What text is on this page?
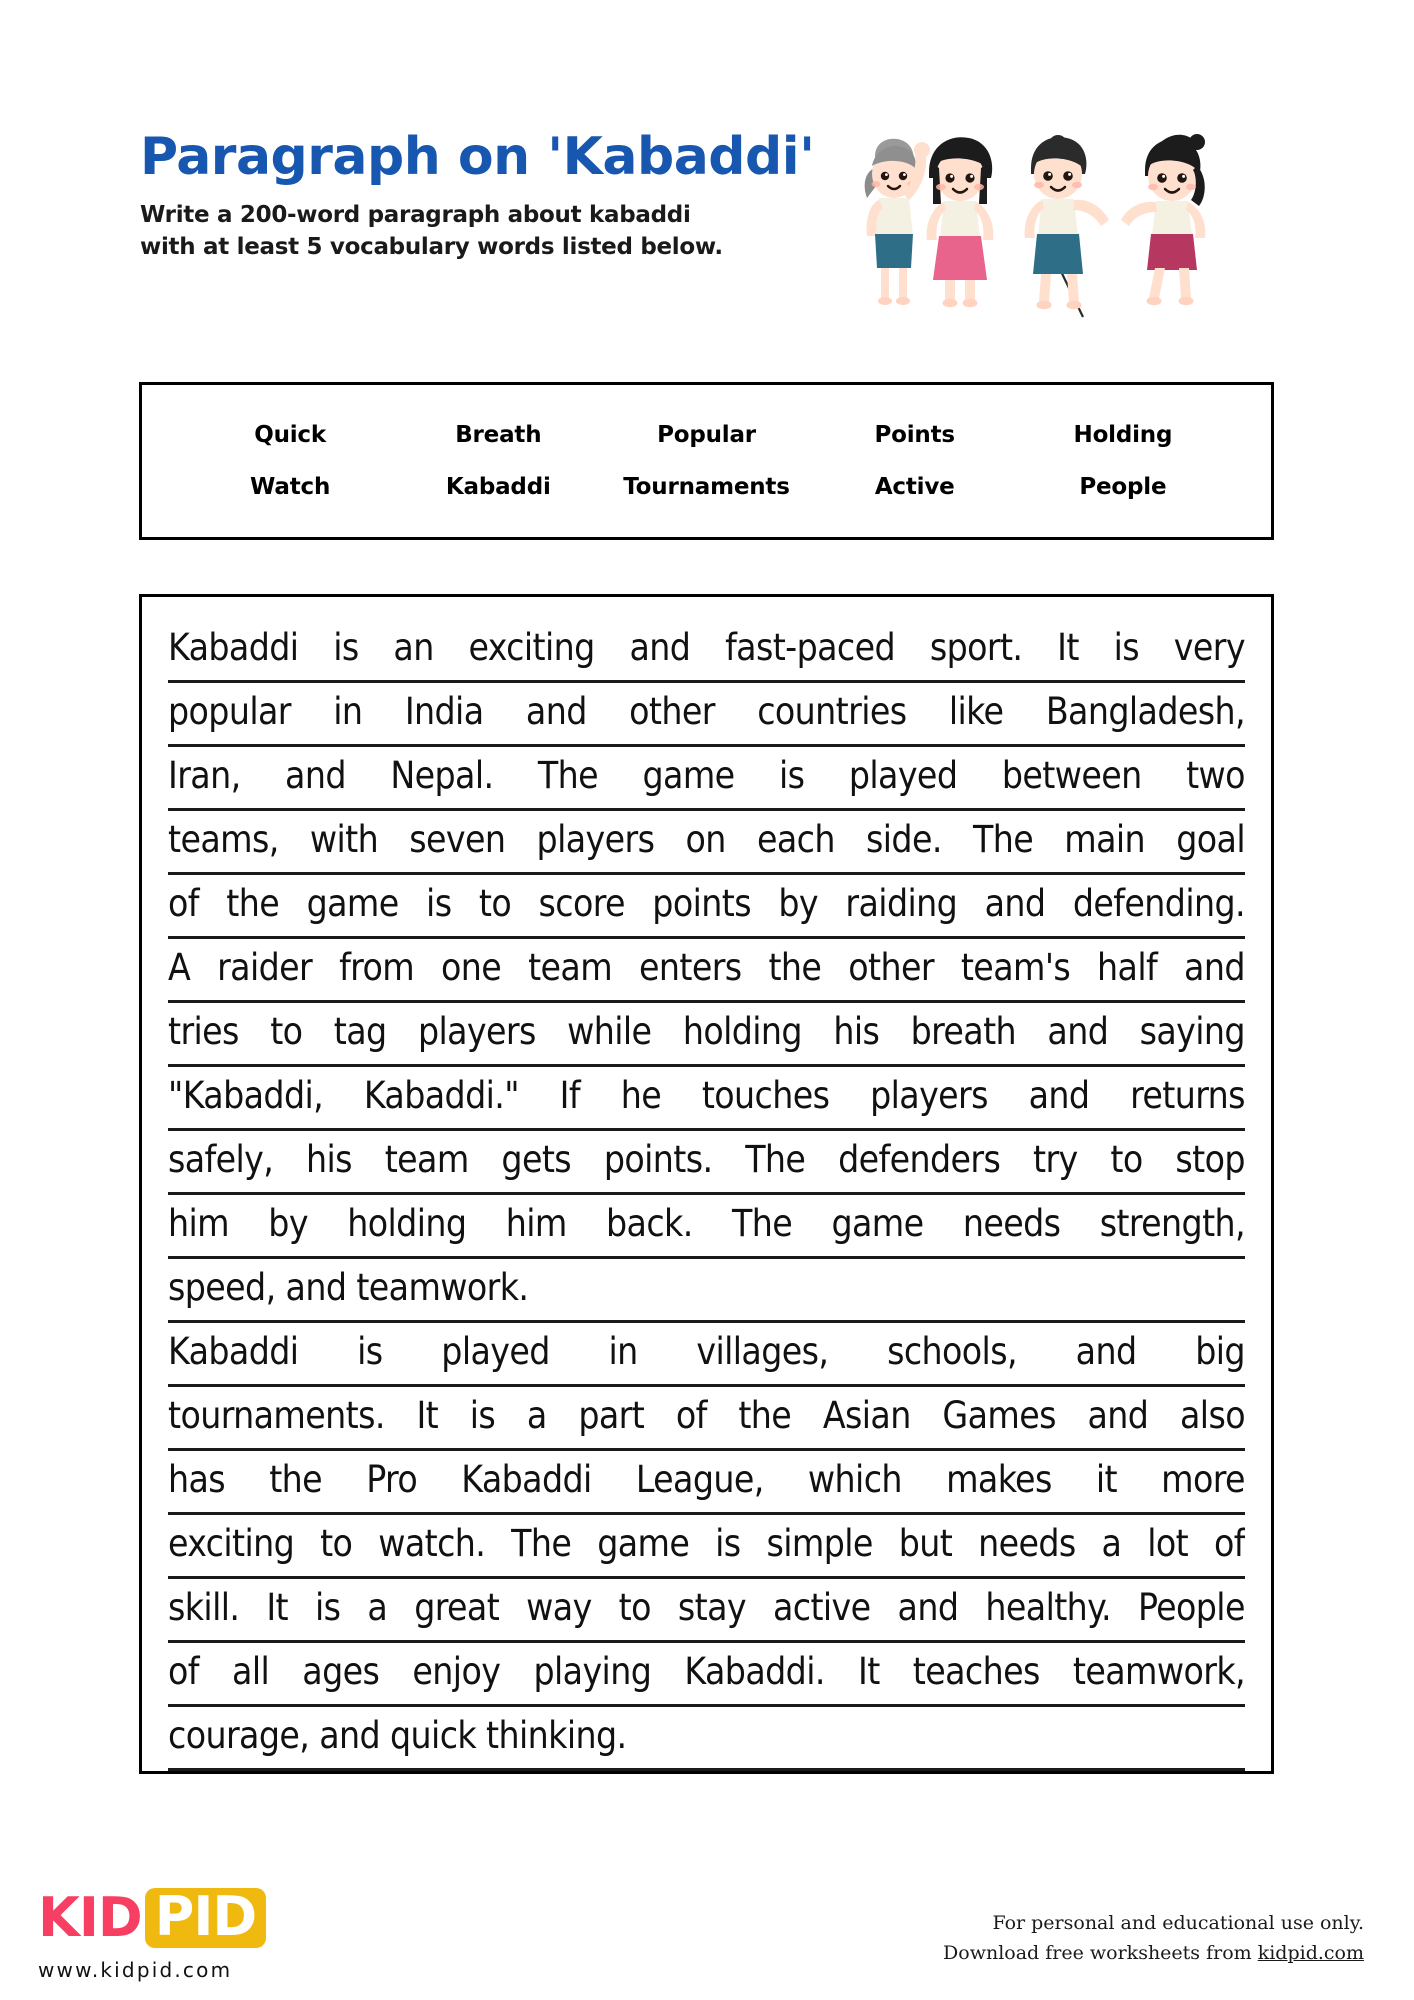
Paragraph on 'Kabaddi'
Write a 200-word paragraph about kabaddi
with at least 5 vocabulary words listed below.
Quick	Breath	Popular	Points	Holding
Watch	Kabaddi	Tournaments	Active	People
Kabaddi is an exciting and fast-paced sport. It is very
popular in India and other countries like Bangladesh,
Iran, and Nepal. The game is played between two
teams, with seven players on each side. The main goal
of the game is to score points by raiding and defending.
A raider from one team enters the other team's half and
tries to tag players while holding his breath and saying
"Kabaddi, Kabaddi." If he touches players and returns
safely, his team gets points. The defenders try to stop
him by holding him back. The game needs strength,
speed, and teamwork.
Kabaddi is played in villages, schools, and big
tournaments. It is a part of the Asian Games and also
has the Pro Kabaddi League, which makes it more
exciting to watch. The game is simple but needs a lot of
skill. It is a great way to stay active and healthy. People
of all ages enjoy playing Kabaddi. It teaches teamwork,
courage, and quick thinking.
KID PID
www.kidpid.com
For personal and educational use only.
Download free worksheets from kidpid.com
